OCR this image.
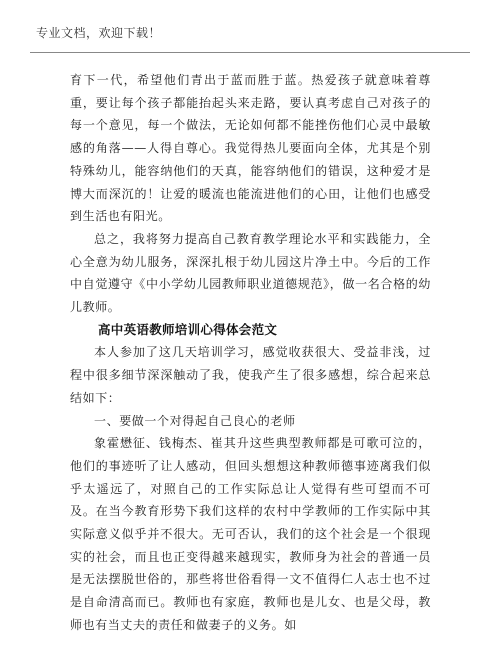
专业文档，欢迎下载！

育下一代，希望他们青出于蓝而胜于蓝。热爱孩子就意味着尊重，要让每个孩子都能抬起头来走路，要认真考虑自己对孩子的每一个意见，每一个做法，无论如何都不能挫伤他们心灵中最敏感的角落——人得自尊心。我觉得热儿要面向全体，尤其是个别特殊幼儿，能容纳他们的天真，能容纳他们的错误，这种爱才是博大而深沉的！让爱的暖流也能流进他们的心田，让他们也感受到生活也有阳光。

总之，我将努力提高自己教育教学理论水平和实践能力，全心全意为幼儿服务，深深扎根于幼儿园这片净土中。今后的工作中自觉遵守《中小学幼儿园教师职业道德规范》，做一名合格的幼儿教师。

高中英语教师培训心得体会范文

本人参加了这几天培训学习，感觉收获很大、受益非浅，过程中很多细节深深触动了我，使我产生了很多感想，综合起来总结如下：

一、要做一个对得起自己良心的老师

象霍懋征、钱梅杰、崔其升这些典型教师都是可歌可泣的，他们的事迹听了让人感动，但回头想想这种教师德事迹离我们似乎太遥远了，对照自己的工作实际总让人觉得有些可望而不可及。在当今教育形势下我们这样的农村中学教师的工作实际中其实际意义似乎并不很大。无可否认，我们的这个社会是一个很现实的社会，而且也正变得越来越现实，教师身为社会的普通一员是无法摆脱世俗的，那些将世俗看得一文不值得仁人志士也不过是自命清高而已。教师也有家庭，教师也是儿女、也是父母，教师也有当丈夫的责任和做妻子的义务。如
